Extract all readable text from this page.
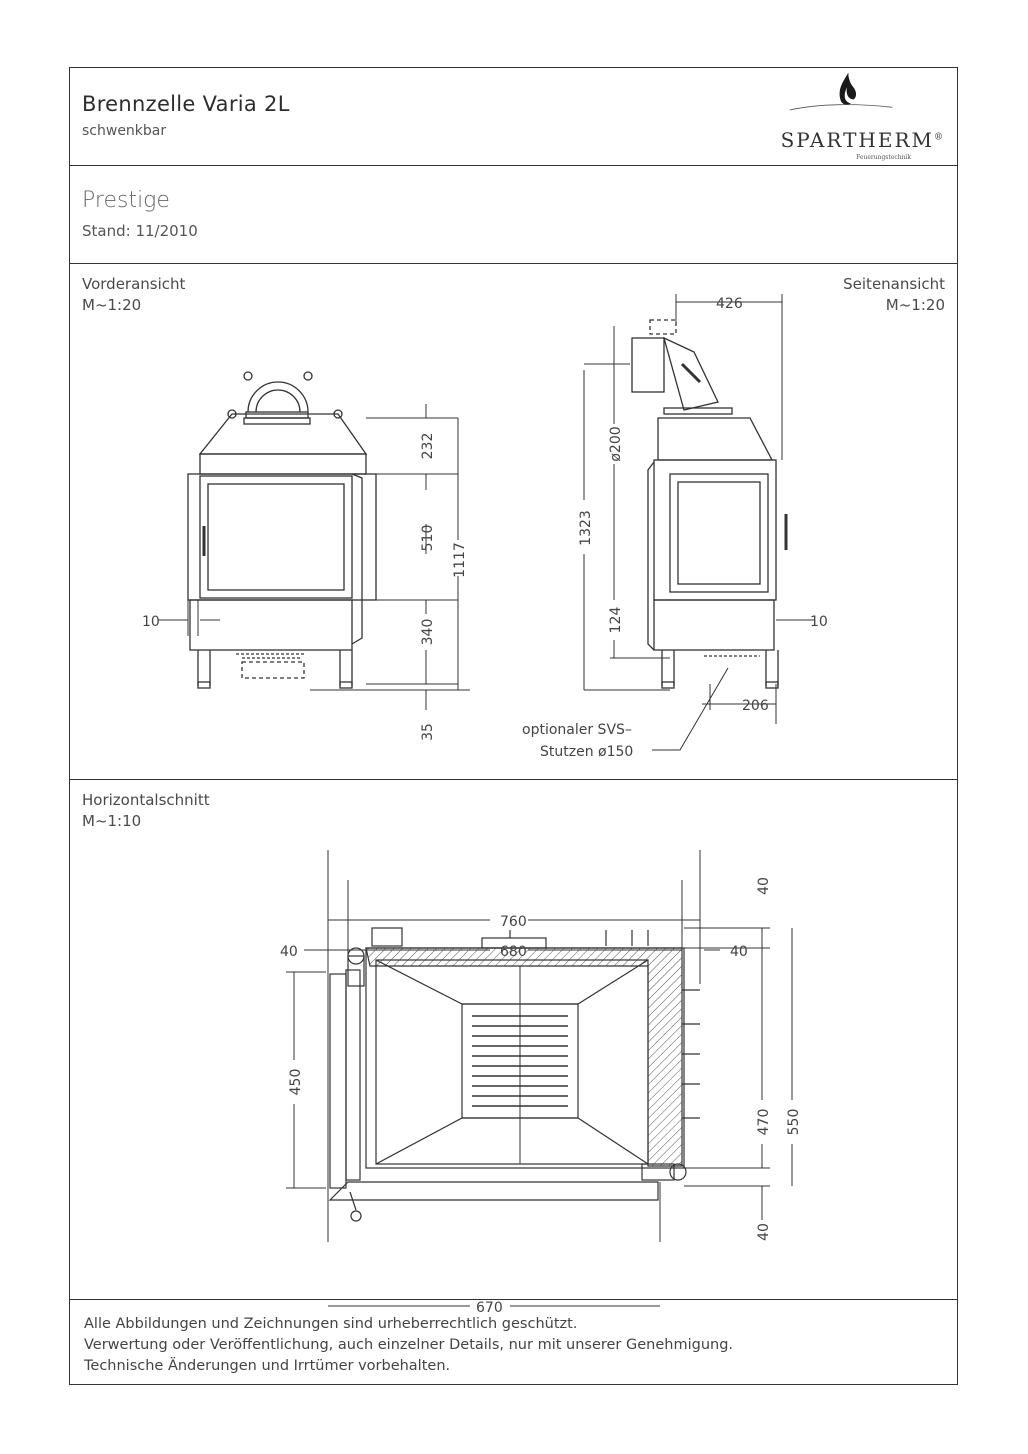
Brennzelle Varia 2L
schwenkbar	SPARTHERM®
Feuerungstechnik
Prestige
Stand: 11/2010
Vorderansicht
M~1:20
Seitenansicht
M~1:20
232
510
1117
10	340
35
426
ø200
1323
124	10
206
optionaler SVS–
Stutzen ø150
Horizontalschnitt
M~1:10
760
680
40	40
40
470 550
450
670
40
Alle Abbildungen und Zeichnungen sind urheberrechtlich geschützt.
Verwertung oder Veröffentlichung, auch einzelner Details, nur mit unserer Genehmigung.
Technische Änderungen und Irrtümer vorbehalten.
